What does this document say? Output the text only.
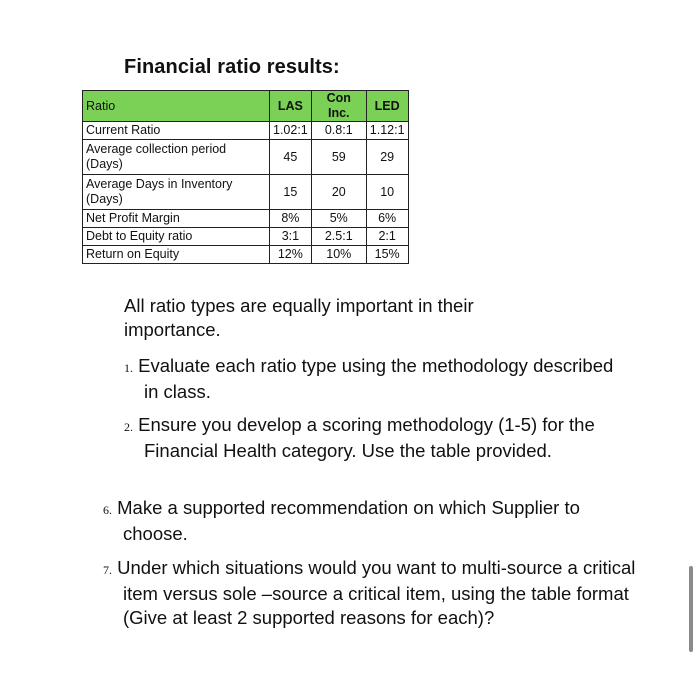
Financial ratio results:
Ratio	LAS	Con Inc.	LED
Current Ratio	1.02:1	0.8:1	1.12:1
Average collection period (Days)	45	59	29
Average Days in Inventory (Days)	15	20	10
Net Profit Margin	8%	5%	6%
Debt to Equity ratio	3:1	2.5:1	2:1
Return on Equity	12%	10%	15%
All ratio types are equally important in their importance.
1. Evaluate each ratio type using the methodology described in class.
2. Ensure you develop a scoring methodology (1-5) for the Financial Health category. Use the table provided.
6. Make a supported recommendation on which Supplier to choose.
7. Under which situations would you want to multi-source a critical item versus sole –source a critical item, using the table format (Give at least 2 supported reasons for each)?
